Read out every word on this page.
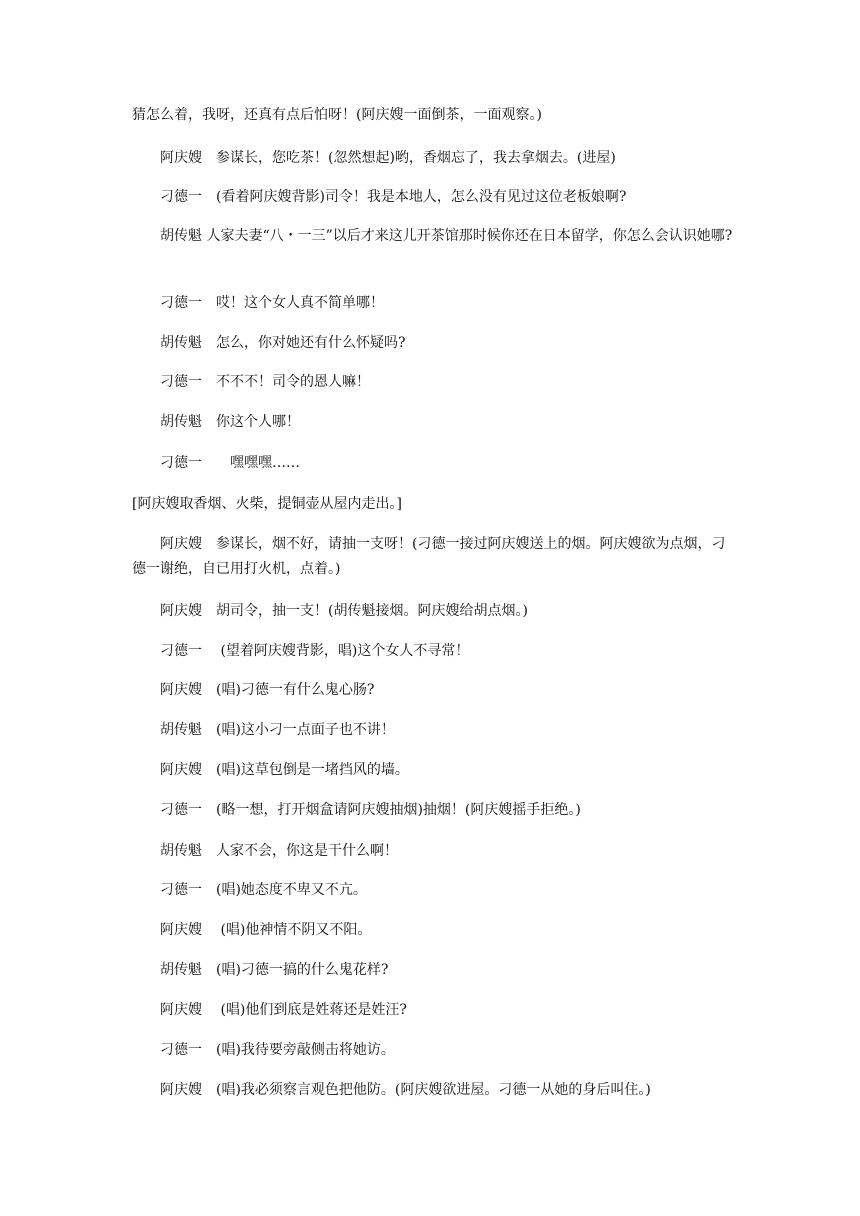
猜怎么着，我呀，还真有点后怕呀！(阿庆嫂一面倒茶，一面观察。)
阿庆嫂　参谋长，您吃茶！(忽然想起)哟，香烟忘了，我去拿烟去。(进屋)
刁德一　(看着阿庆嫂背影)司令！我是本地人，怎么没有见过这位老板娘啊?
胡传魁 人家夫妻“八・一三”以后才来这儿开茶馆那时候你还在日本留学，你怎么会认识她哪?
刁德一　哎！这个女人真不简单哪！
胡传魁　怎么，你对她还有什么怀疑吗?
刁德一　不不不！司令的恩人嘛！
胡传魁　你这个人哪！
刁德一　　嘿嘿嘿……
[阿庆嫂取香烟、火柴，提铜壶从屋内走出。]
阿庆嫂　参谋长，烟不好，请抽一支呀！(刁德一接过阿庆嫂送上的烟。阿庆嫂欲为点烟，刁德一谢绝，自已用打火机，点着。)
阿庆嫂　胡司令，抽一支！(胡传魁接烟。阿庆嫂给胡点烟。)
刁德一　 (望着阿庆嫂背影，唱)这个女人不寻常！
阿庆嫂　(唱)刁德一有什么鬼心肠?
胡传魁　(唱)这小刁一点面子也不讲！
阿庆嫂　(唱)这草包倒是一堵挡风的墙。
刁德一　(略一想，打开烟盒请阿庆嫂抽烟)抽烟！(阿庆嫂摇手拒绝。)
胡传魁　人家不会，你这是干什么啊！
刁德一　(唱)她态度不卑又不亢。
阿庆嫂　 (唱)他神情不阴又不阳。
胡传魁　(唱)刁德一搞的什么鬼花样?
阿庆嫂　 (唱)他们到底是姓蒋还是姓汪?
刁德一　(唱)我待要旁敲侧击将她访。
阿庆嫂　(唱)我必须察言观色把他防。(阿庆嫂欲进屋。刁德一从她的身后叫住。)
